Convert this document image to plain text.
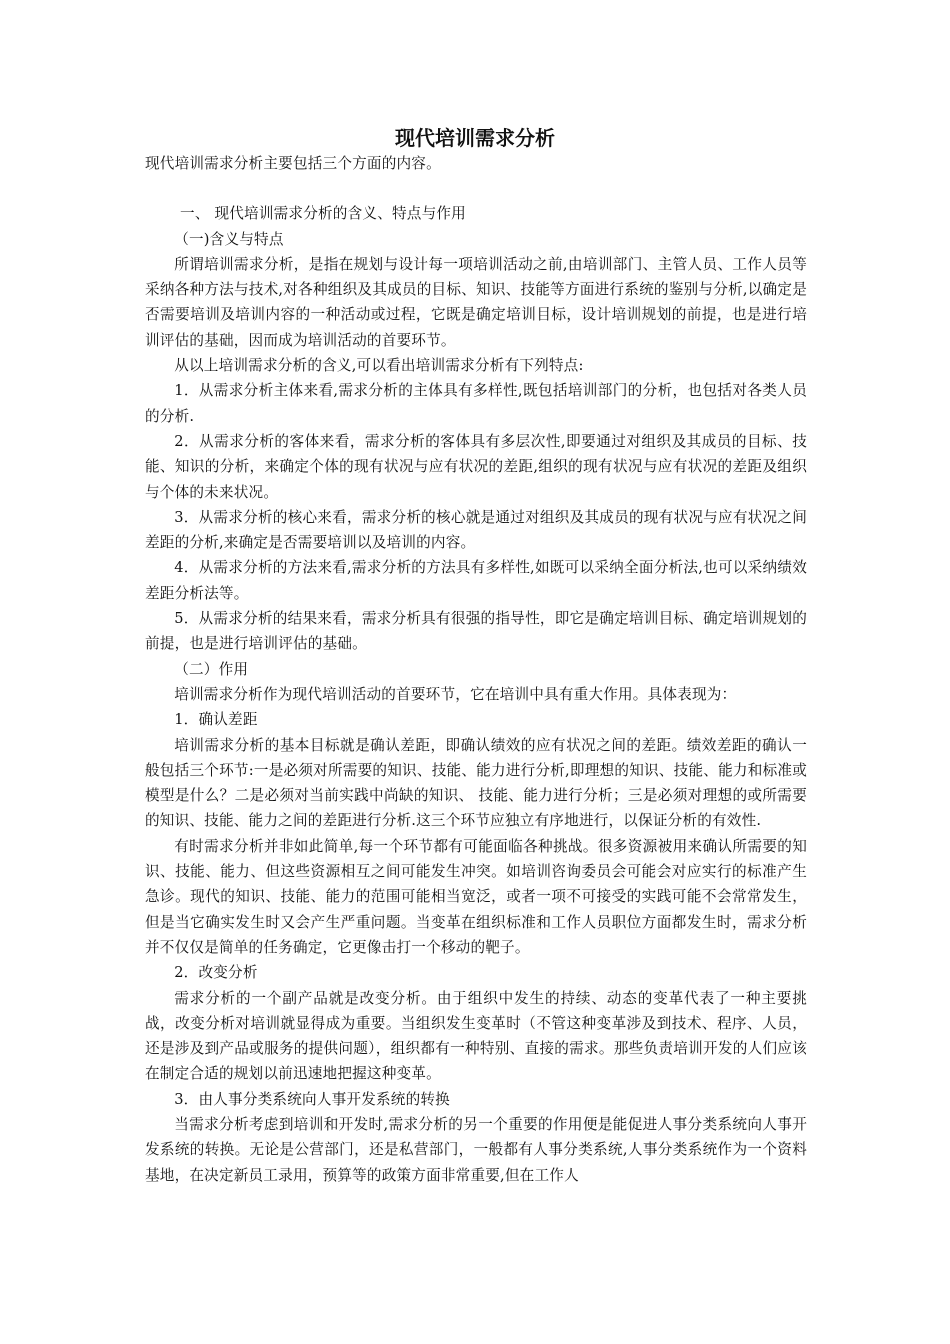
现代培训需求分析

现代培训需求分析主要包括三个方面的内容。

一、 现代培训需求分析的含义、特点与作用

（一)含义与特点

所谓培训需求分析，是指在规划与设计每一项培训活动之前,由培训部门、主管人员、工作人员等采纳各种方法与技术,对各种组织及其成员的目标、知识、技能等方面进行系统的鉴别与分析,以确定是否需要培训及培训内容的一种活动或过程，它既是确定培训目标，设计培训规划的前提，也是进行培训评估的基础，因而成为培训活动的首要环节。

从以上培训需求分析的含义,可以看出培训需求分析有下列特点:

1．从需求分析主体来看,需求分析的主体具有多样性,既包括培训部门的分析，也包括对各类人员的分析.

2．从需求分析的客体来看，需求分析的客体具有多层次性,即要通过对组织及其成员的目标、技能、知识的分析，来确定个体的现有状况与应有状况的差距,组织的现有状况与应有状况的差距及组织与个体的未来状况。

3．从需求分析的核心来看，需求分析的核心就是通过对组织及其成员的现有状况与应有状况之间差距的分析,来确定是否需要培训以及培训的内容。

4．从需求分析的方法来看,需求分析的方法具有多样性,如既可以采纳全面分析法,也可以采纳绩效差距分析法等。

5．从需求分析的结果来看，需求分析具有很强的指导性，即它是确定培训目标、确定培训规划的前提，也是进行培训评估的基础。

（二）作用

培训需求分析作为现代培训活动的首要环节，它在培训中具有重大作用。具体表现为：

1．确认差距

培训需求分析的基本目标就是确认差距，即确认绩效的应有状况之间的差距。绩效差距的确认一般包括三个环节:一是必须对所需要的知识、技能、能力进行分析,即理想的知识、技能、能力和标准或模型是什么？二是必须对当前实践中尚缺的知识、 技能、能力进行分析；三是必须对理想的或所需要的知识、技能、能力之间的差距进行分析.这三个环节应独立有序地进行，以保证分析的有效性.

有时需求分析并非如此简单,每一个环节都有可能面临各种挑战。很多资源被用来确认所需要的知识、技能、能力、但这些资源相互之间可能发生冲突。如培训咨询委员会可能会对应实行的标准产生急诊。现代的知识、技能、能力的范围可能相当宽泛，或者一项不可接受的实践可能不会常常发生，但是当它确实发生时又会产生严重问题。当变革在组织标准和工作人员职位方面都发生时，需求分析并不仅仅是简单的任务确定，它更像击打一个移动的靶子。

2．改变分析

需求分析的一个副产品就是改变分析。由于组织中发生的持续、动态的变革代表了一种主要挑战，改变分析对培训就显得成为重要。当组织发生变革时（不管这种变革涉及到技术、程序、人员，还是涉及到产品或服务的提供问题），组织都有一种特别、直接的需求。那些负责培训开发的人们应该在制定合适的规划以前迅速地把握这种变革。

3．由人事分类系统向人事开发系统的转换

当需求分析考虑到培训和开发时,需求分析的另一个重要的作用便是能促进人事分类系统向人事开发系统的转换。无论是公营部门，还是私营部门，一般都有人事分类系统,人事分类系统作为一个资料基地，在决定新员工录用，预算等的政策方面非常重要,但在工作人
